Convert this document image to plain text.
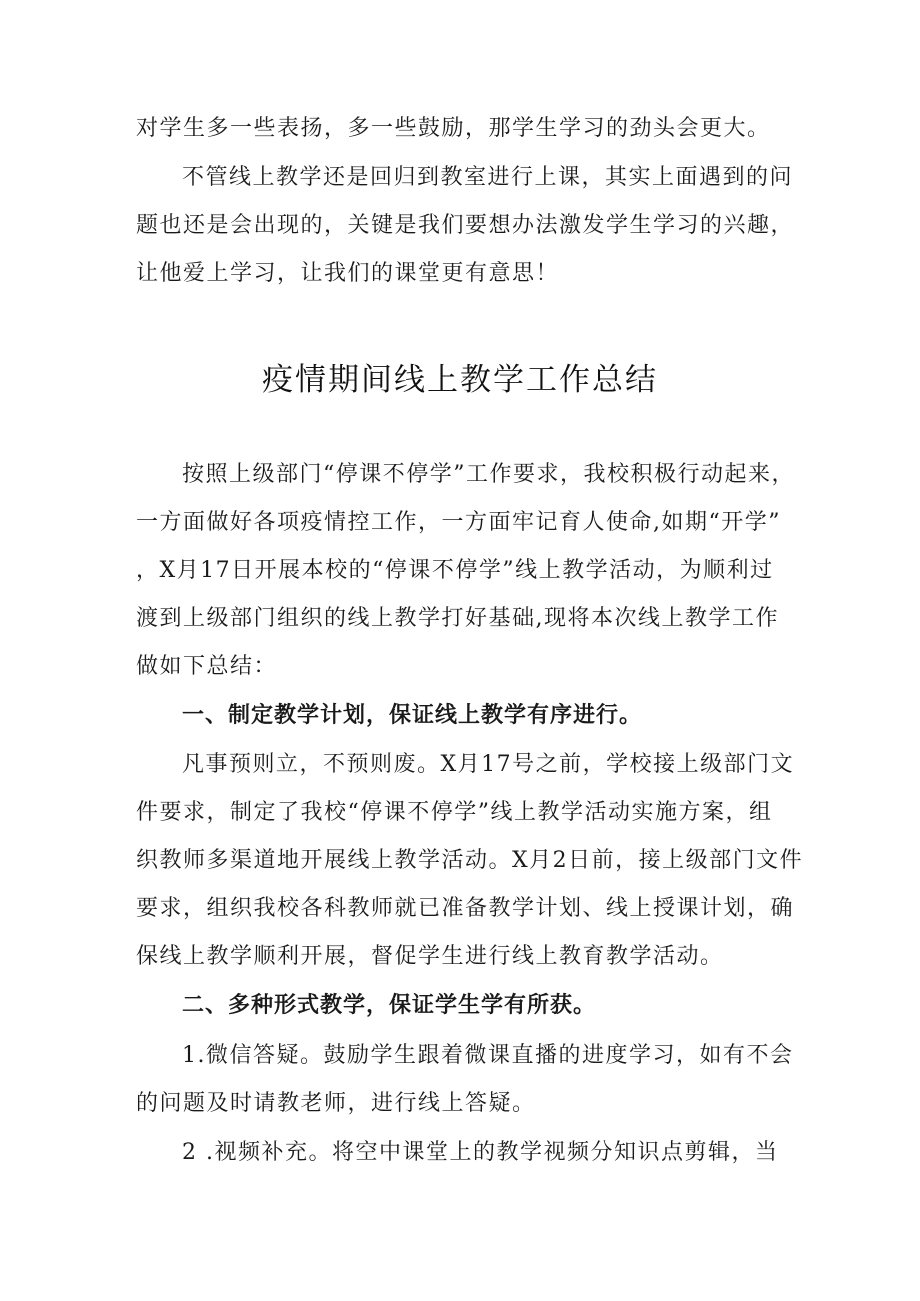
对学生多一些表扬，多一些鼓励，那学生学习的劲头会更大。
不管线上教学还是回归到教室进行上课，其实上面遇到的问
题也还是会出现的，关键是我们要想办法激发学生学习的兴趣，
让他爱上学习，让我们的课堂更有意思！
疫情期间线上教学工作总结
按照上级部门“停课不停学”工作要求，我校积极行动起来，
一方面做好各项疫情控工作，一方面牢记育人使命,如期“开学”
，X月17日开展本校的“停课不停学”线上教学活动，为顺利过
渡到上级部门组织的线上教学打好基础,现将本次线上教学工作
做如下总结：
一、制定教学计划，保证线上教学有序进行。
凡事预则立，不预则废。X月17号之前，学校接上级部门文
件要求，制定了我校“停课不停学”线上教学活动实施方案，组
织教师多渠道地开展线上教学活动。X月2日前，接上级部门文件
要求，组织我校各科教师就已准备教学计划、线上授课计划，确
保线上教学顺利开展，督促学生进行线上教育教学活动。
二、多种形式教学，保证学生学有所获。
1.微信答疑。鼓励学生跟着微课直播的进度学习，如有不会
的问题及时请教老师，进行线上答疑。
2 .视频补充。将空中课堂上的教学视频分知识点剪辑，当
